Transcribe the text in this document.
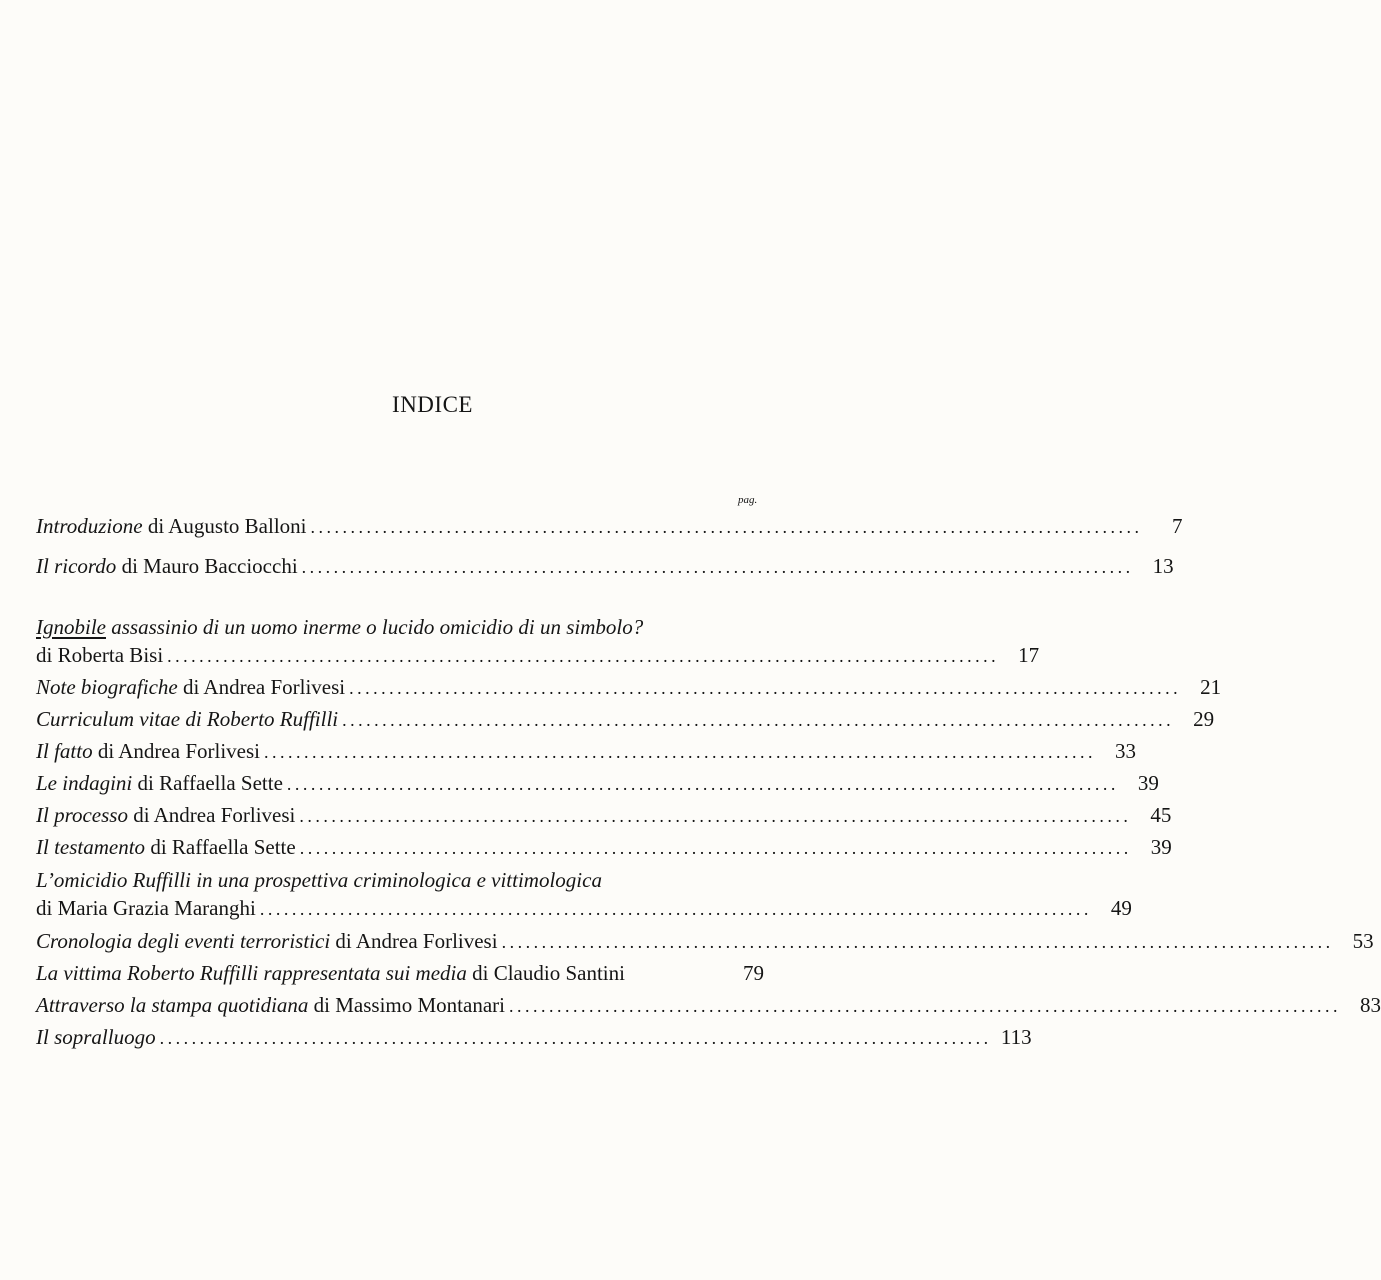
INDICE
pag.
Introduzione di Augusto Balloni ........................................................................................................	7
Il ricordo di Mauro Bacciocchi ........................................................................................................ 13
Ignobile assassinio di un uomo inerme o lucido omicidio di un simbolo?
di Roberta Bisi ........................................................................................................ 17
Note biografiche di Andrea Forlivesi ........................................................................................................ 21
Curriculum vitae di Roberto Ruffilli ........................................................................................................ 29
Il fatto di Andrea Forlivesi ........................................................................................................ 33
Le indagini di Raffaella Sette ........................................................................................................ 39
Il processo di Andrea Forlivesi ........................................................................................................ 45
Il testamento di Raffaella Sette ........................................................................................................ 39
L’omicidio Ruffilli in una prospettiva criminologica e vittimologica
di Maria Grazia Maranghi ........................................................................................................ 49
Cronologia degli eventi terroristici di Andrea Forlivesi ........................................................................................................ 53
La vittima Roberto Ruffilli rappresentata sui media di Claudio Santini	79
Attraverso la stampa quotidiana di Massimo Montanari ........................................................................................................ 83
Il sopralluogo ........................................................................................................ 113
